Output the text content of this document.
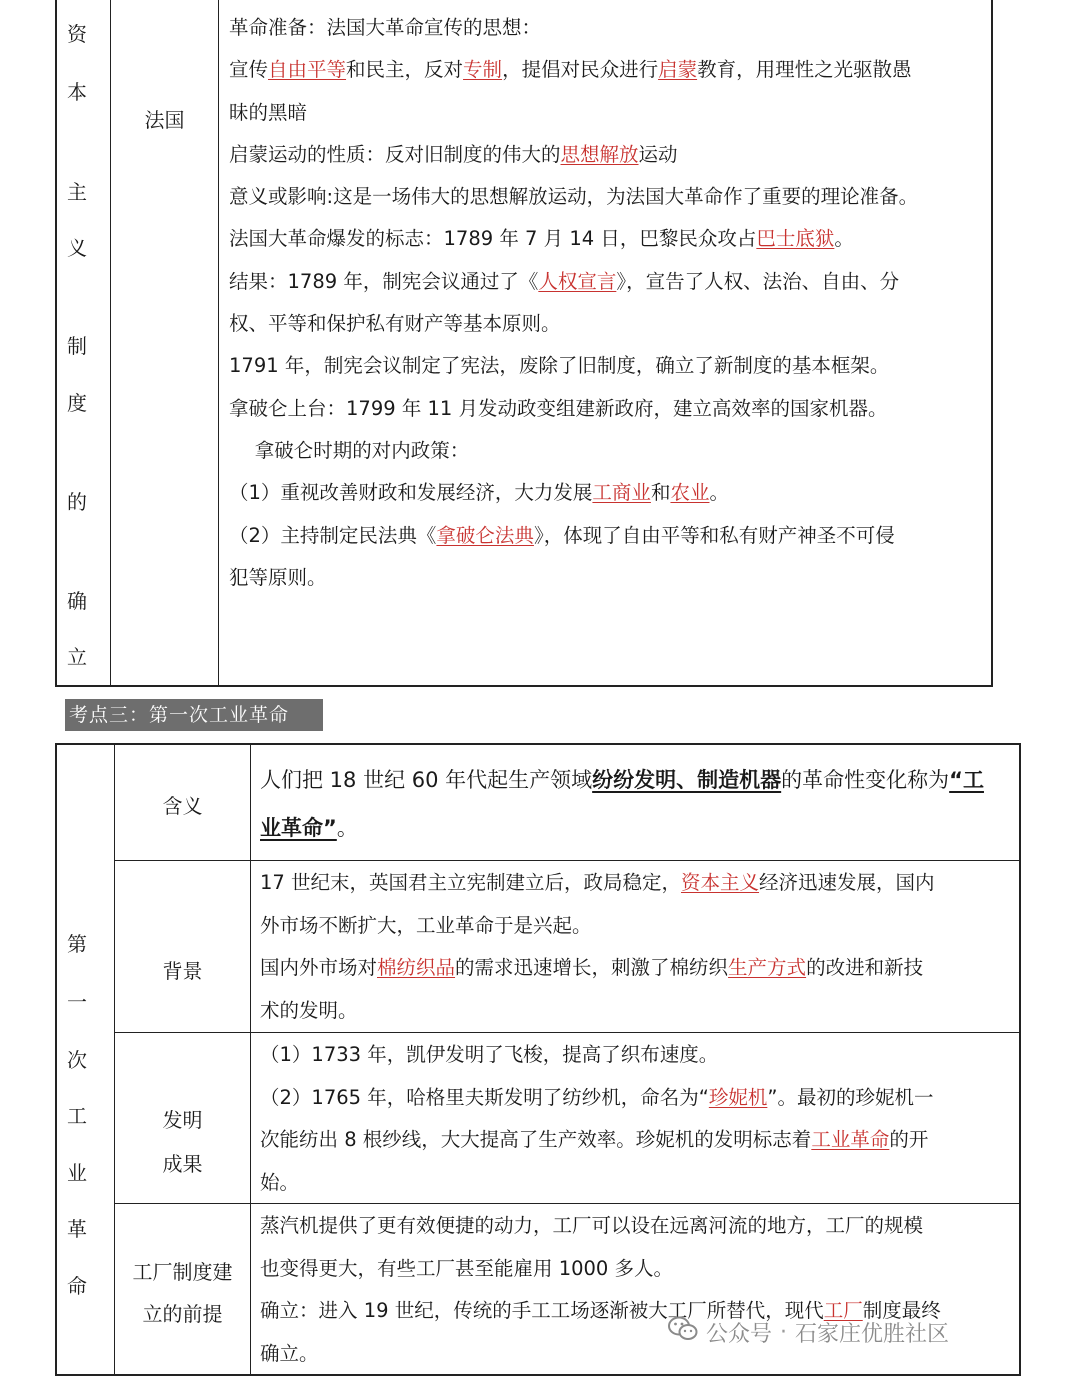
资
本
主
义
制
度
的
确
立
法国
革命准备：法国大革命宣传的思想：
宣传自由平等和民主，反对专制，提倡对民众进行启蒙教育，用理性之光驱散愚
昧的黑暗
启蒙运动的性质：反对旧制度的伟大的思想解放运动
意义或影响:这是一场伟大的思想解放运动，为法国大革命作了重要的理论准备。
法国大革命爆发的标志：1789 年 7 月 14 日，巴黎民众攻占巴士底狱。
结果：1789 年，制宪会议通过了《人权宣言》，宣告了人权、法治、自由、分
权、平等和保护私有财产等基本原则。
1791 年，制宪会议制定了宪法，废除了旧制度，确立了新制度的基本框架。
拿破仑上台：1799 年 11 月发动政变组建新政府，建立高效率的国家机器。
　 拿破仑时期的对内政策：
（1）重视改善财政和发展经济，大力发展工商业和农业。
（2）主持制定民法典《拿破仑法典》，体现了自由平等和私有财产神圣不可侵
犯等原则。
考点三：第一次工业革命
第
一
次
工
业
革
命
含义
人们把 18 世纪 60 年代起生产领域纷纷发明、制造机器的革命性变化称为“工
业革命”。
背景
17 世纪末，英国君主立宪制建立后，政局稳定，资本主义经济迅速发展，国内
外市场不断扩大，工业革命于是兴起。
国内外市场对棉纺织品的需求迅速增长，刺激了棉纺织生产方式的改进和新技
术的发明。
发明
成果
（1）1733 年，凯伊发明了飞梭，提高了织布速度。
（2）1765 年，哈格里夫斯发明了纺纱机，命名为“珍妮机”。最初的珍妮机一
次能纺出 8 根纱线，大大提高了生产效率。珍妮机的发明标志着工业革命的开
始。
工厂制度建
立的前提
蒸汽机提供了更有效便捷的动力，工厂可以设在远离河流的地方，工厂的规模
也变得更大，有些工厂甚至能雇用 1000 多人。
确立：进入 19 世纪，传统的手工工场逐渐被大工厂所替代，现代工厂制度最终
确立。
公众号 · 石家庄优胜社区
